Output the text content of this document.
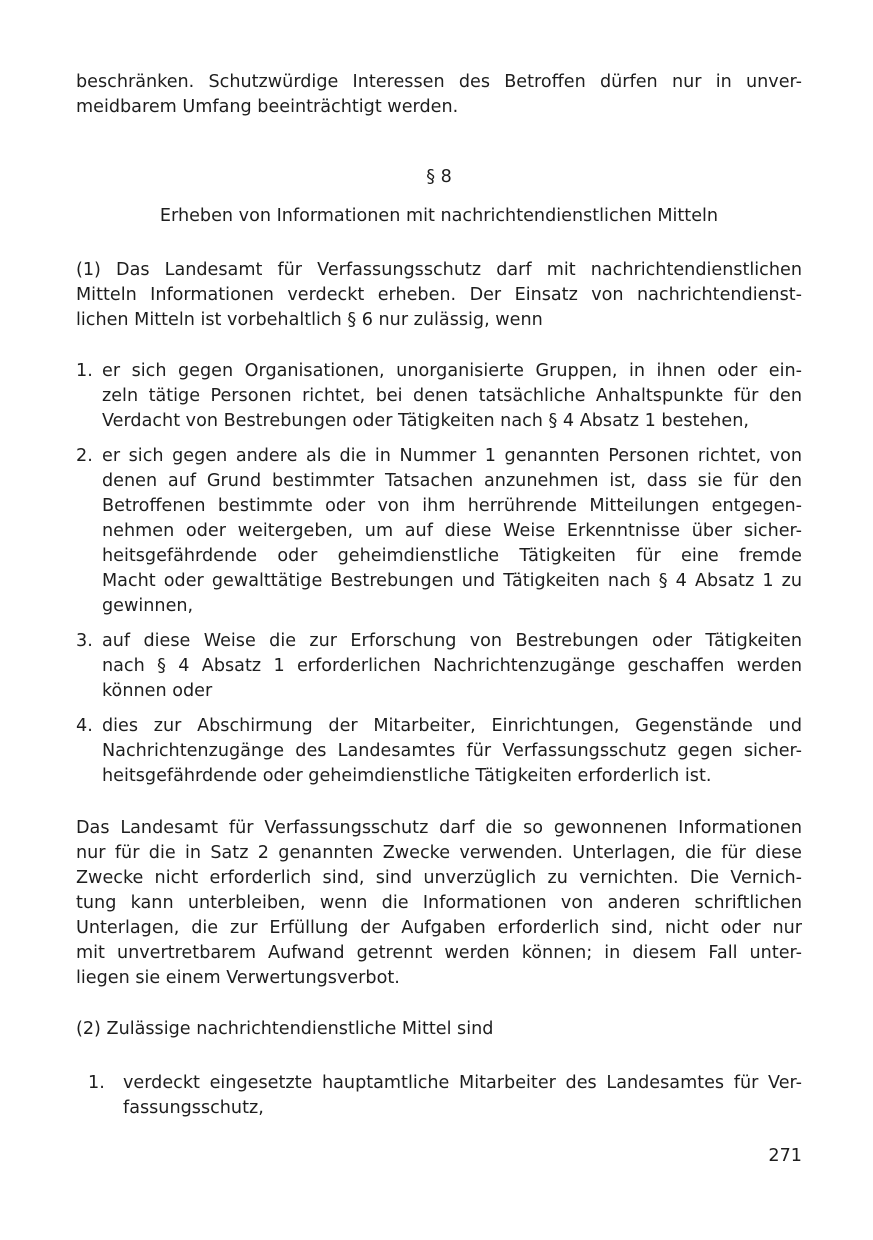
beschränken. Schutzwürdige Interessen des Betroffen dürfen nur in unver-
meidbarem Umfang beeinträchtigt werden.
§ 8
Erheben von Informationen mit nachrichtendienstlichen Mitteln
(1) Das Landesamt für Verfassungsschutz darf mit nachrichtendienstlichen
Mitteln Informationen verdeckt erheben. Der Einsatz von nachrichtendienst-
lichen Mitteln ist vorbehaltlich § 6 nur zulässig, wenn
1. er sich gegen Organisationen, unorganisierte Gruppen, in ihnen oder ein-
zeln tätige Personen richtet, bei denen tatsächliche Anhaltspunkte für den
Verdacht von Bestrebungen oder Tätigkeiten nach § 4 Absatz 1 bestehen,
2. er sich gegen andere als die in Nummer 1 genannten Personen richtet, von
denen auf Grund bestimmter Tatsachen anzunehmen ist, dass sie für den
Betroffenen bestimmte oder von ihm herrührende Mitteilungen entgegen-
nehmen oder weitergeben, um auf diese Weise Erkenntnisse über sicher-
heitsgefährdende oder geheimdienstliche Tätigkeiten für eine fremde
Macht oder gewalttätige Bestrebungen und Tätigkeiten nach § 4 Absatz 1 zu
gewinnen,
3. auf diese Weise die zur Erforschung von Bestrebungen oder Tätigkeiten
nach § 4 Absatz 1 erforderlichen Nachrichtenzugänge geschaffen werden
können oder
4. dies zur Abschirmung der Mitarbeiter, Einrichtungen, Gegenstände und
Nachrichtenzugänge des Landesamtes für Verfassungsschutz gegen sicher-
heitsgefährdende oder geheimdienstliche Tätigkeiten erforderlich ist.
Das Landesamt für Verfassungsschutz darf die so gewonnenen Informationen
nur für die in Satz 2 genannten Zwecke verwenden. Unterlagen, die für diese
Zwecke nicht erforderlich sind, sind unverzüglich zu vernichten. Die Vernich-
tung kann unterbleiben, wenn die Informationen von anderen schriftlichen
Unterlagen, die zur Erfüllung der Aufgaben erforderlich sind, nicht oder nur
mit unvertretbarem Aufwand getrennt werden können; in diesem Fall unter-
liegen sie einem Verwertungsverbot.
(2) Zulässige nachrichtendienstliche Mittel sind
1. verdeckt eingesetzte hauptamtliche Mitarbeiter des Landesamtes für Ver-
fassungsschutz,
271
